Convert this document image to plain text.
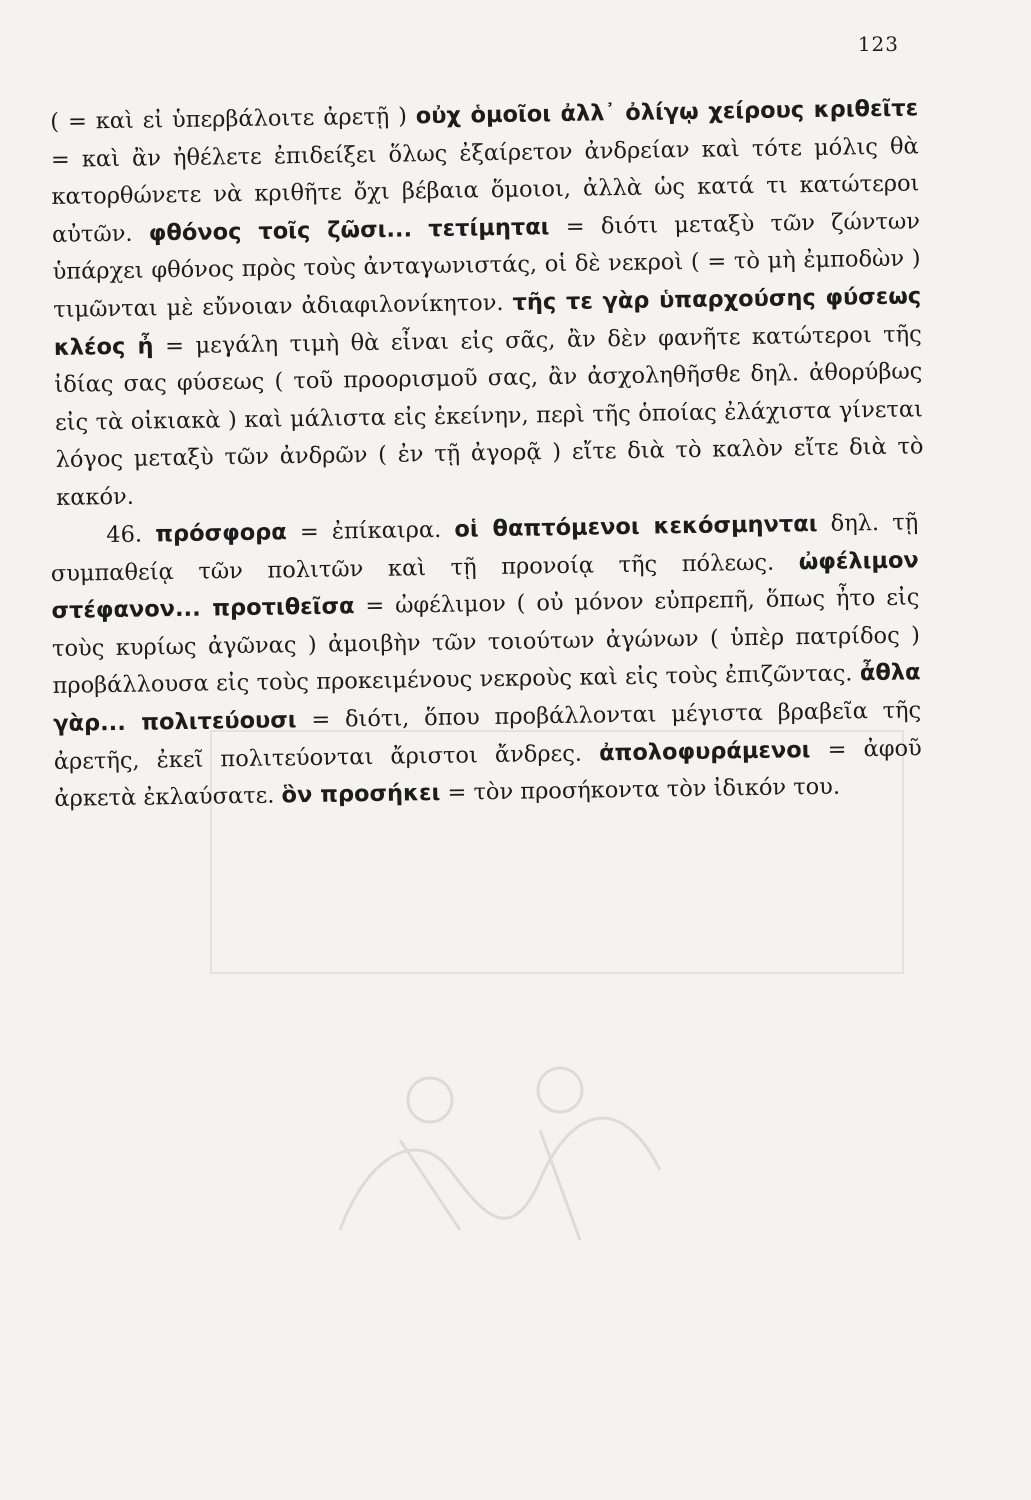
123

( = καὶ εἰ ὑπερβάλοιτε ἀρετῇ ) οὐχ ὁμοῖοι ἀλλ᾽ ὀλίγῳ χείρους κριθεῖτε = καὶ ἂν ἠθέλετε ἐπιδείξει ὅλως ἐξαίρετον ἀνδρείαν καὶ τότε μόλις θὰ κατορθώνετε νὰ κριθῆτε ὄχι βέβαια ὅμοιοι, ἀλλὰ ὡς κατά τι κατώτεροι αὐτῶν. φθόνος τοῖς ζῶσι... τετίμηται = διότι μεταξὺ τῶν ζώντων ὑπάρχει φθόνος πρὸς τοὺς ἀνταγωνιστάς, οἱ δὲ νεκροὶ ( = τὸ μὴ ἐμποδὼν ) τιμῶνται μὲ εὔνοιαν ἀδιαφιλονίκητον. τῆς τε γὰρ ὑπαρχούσης φύσεως κλέος ἦ = μεγάλη τιμὴ θὰ εἶναι εἰς σᾶς, ἂν δὲν φανῆτε κατώτεροι τῆς ἰδίας σας φύσεως ( τοῦ προορισμοῦ σας, ἂν ἀσχοληθῆσθε δηλ. ἀθορύβως εἰς τὰ οἰκιακὰ ) καὶ μάλιστα εἰς ἐκείνην, περὶ τῆς ὁποίας ἐλάχιστα γίνεται λόγος μεταξὺ τῶν ἀνδρῶν ( ἐν τῇ ἀγορᾷ ) εἴτε διὰ τὸ καλὸν εἴτε διὰ τὸ κακόν.

46. πρόσφορα = ἐπίκαιρα. οἱ θαπτόμενοι κεκόσμηνται δηλ. τῇ συμπαθείᾳ τῶν πολιτῶν καὶ τῇ προνοίᾳ τῆς πόλεως. ὠφέλιμον στέφανον... προτιθεῖσα = ὠφέλιμον ( οὐ μόνον εὐπρεπῆ, ὅπως ἦτο εἰς τοὺς κυρίως ἀγῶνας ) ἀμοιβὴν τῶν τοιούτων ἀγώνων ( ὑπὲρ πατρίδος ) προβάλλουσα εἰς τοὺς προκειμένους νεκροὺς καὶ εἰς τοὺς ἐπιζῶντας. ἆθλα γὰρ... πολιτεύουσι = διότι, ὅπου προβάλλονται μέγιστα βραβεῖα τῆς ἀρετῆς, ἐκεῖ πολιτεύονται ἄριστοι ἄνδρες. ἀπολοφυράμενοι = ἀφοῦ ἀρκετὰ ἐκλαύσατε. ὃν προσήκει = τὸν προσήκοντα τὸν ἰδικόν του.
